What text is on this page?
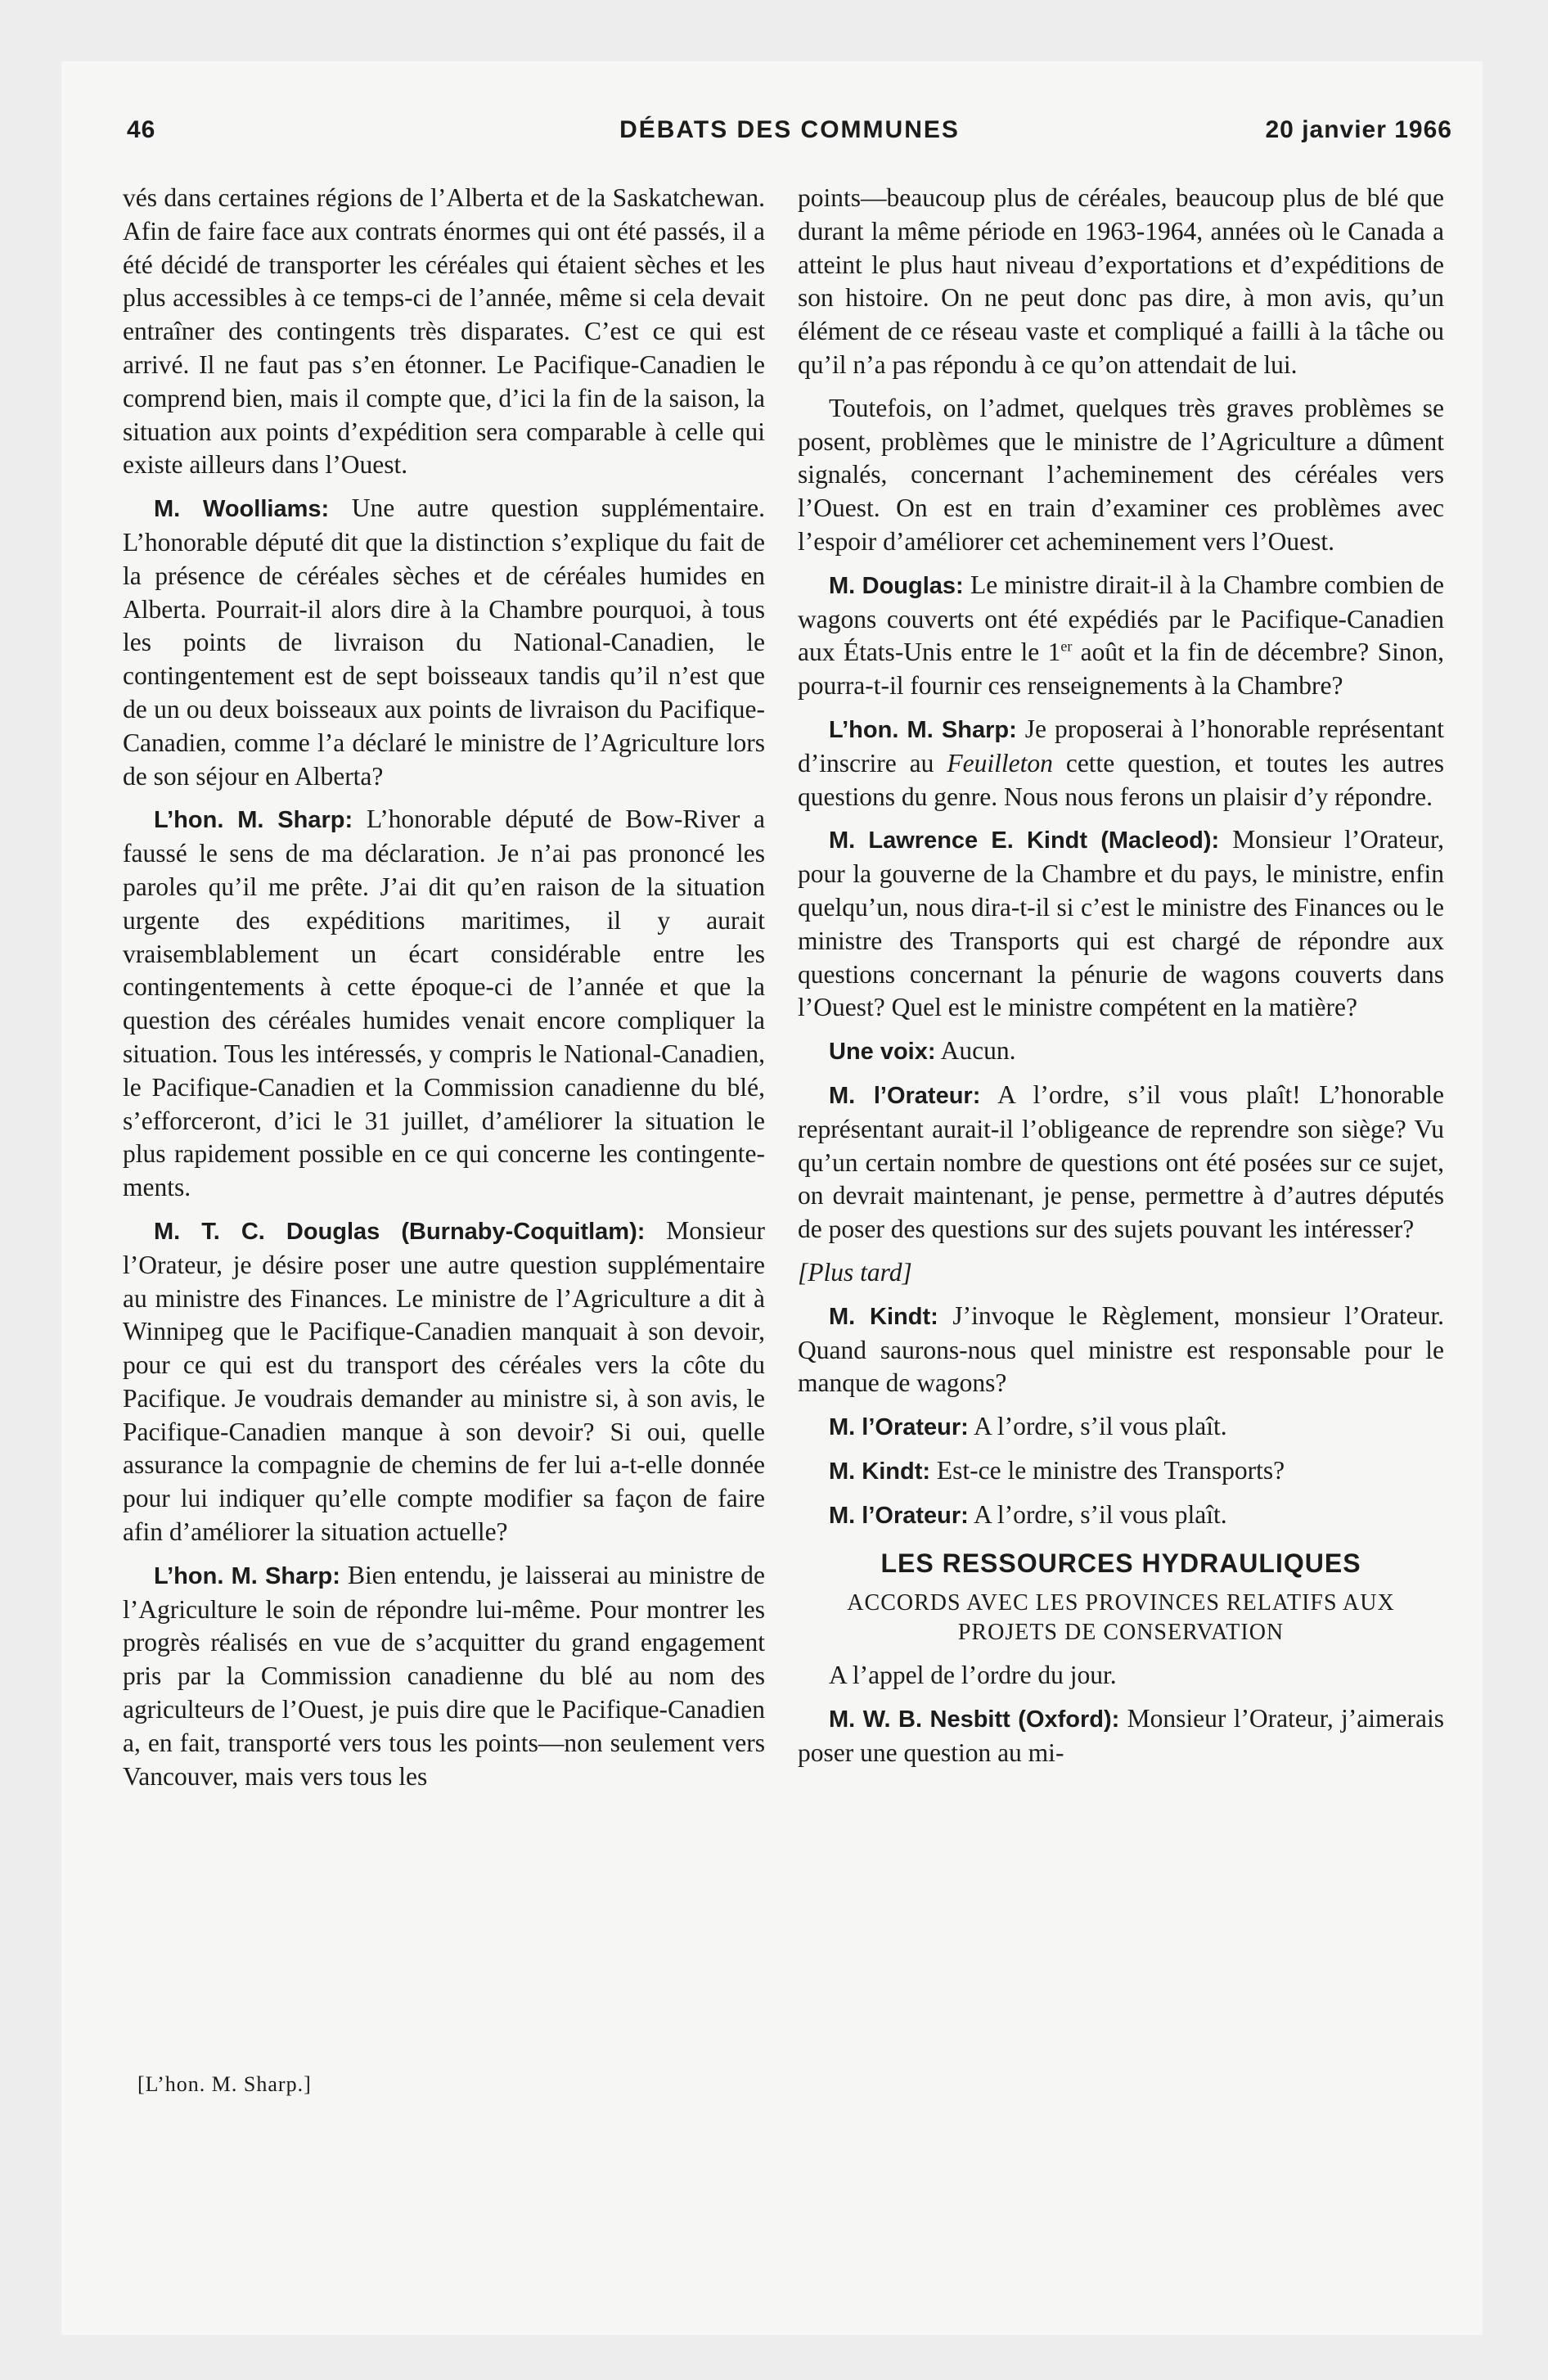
46	DÉBATS DES COMMUNES	20 janvier 1966

vés dans certaines régions de l’Alberta et de la Saskatchewan. Afin de faire face aux contrats énormes qui ont été passés, il a été décidé de transporter les céréales qui étaient sèches et les plus accessibles à ce temps-ci de l’année, même si cela devait entraîner des contingents très disparates. C’est ce qui est arrivé. Il ne faut pas s’en étonner. Le Pacifique-Canadien le comprend bien, mais il compte que, d’ici la fin de la saison, la situation aux points d’expédition sera comparable à celle qui existe ailleurs dans l’Ouest.

M. Woolliams: Une autre question supplémentaire. L’honorable député dit que la distinction s’explique du fait de la présence de céréales sèches et de céréales humides en Alberta. Pourrait-il alors dire à la Chambre pourquoi, à tous les points de livraison du National-Canadien, le contingentement est de sept boisseaux tandis qu’il n’est que de un ou deux boisseaux aux points de livraison du Pacifique-Canadien, comme l’a déclaré le ministre de l’Agriculture lors de son séjour en Alberta?

L’hon. M. Sharp: L’honorable député de Bow-River a faussé le sens de ma déclaration. Je n’ai pas prononcé les paroles qu’il me prête. J’ai dit qu’en raison de la situation urgente des expéditions maritimes, il y aurait vraisemblablement un écart considérable entre les contingentements à cette époque-ci de l’année et que la question des céréales humides venait encore compliquer la situation. Tous les intéressés, y compris le National-Canadien, le Pacifique-Canadien et la Commission canadienne du blé, s’efforceront, d’ici le 31 juillet, d’améliorer la situation le plus rapidement possible en ce qui concerne les contingentements.

M. T. C. Douglas (Burnaby-Coquitlam): Monsieur l’Orateur, je désire poser une autre question supplémentaire au ministre des Finances. Le ministre de l’Agriculture a dit à Winnipeg que le Pacifique-Canadien manquait à son devoir, pour ce qui est du transport des céréales vers la côte du Pacifique. Je voudrais demander au ministre si, à son avis, le Pacifique-Canadien manque à son devoir? Si oui, quelle assurance la compagnie de chemins de fer lui a-t-elle donnée pour lui indiquer qu’elle compte modifier sa façon de faire afin d’améliorer la situation actuelle?

L’hon. M. Sharp: Bien entendu, je laisserai au ministre de l’Agriculture le soin de répondre lui-même. Pour montrer les progrès réalisés en vue de s’acquitter du grand engagement pris par la Commission canadienne du blé au nom des agriculteurs de l’Ouest, je puis dire que le Pacifique-Canadien a, en fait, transporté vers tous les points—non seulement vers Vancouver, mais vers tous les

[L’hon. M. Sharp.]

points—beaucoup plus de céréales, beaucoup plus de blé que durant la même période en 1963-1964, années où le Canada a atteint le plus haut niveau d’exportations et d’expéditions de son histoire. On ne peut donc pas dire, à mon avis, qu’un élément de ce réseau vaste et compliqué a failli à la tâche ou qu’il n’a pas répondu à ce qu’on attendait de lui.

Toutefois, on l’admet, quelques très graves problèmes se posent, problèmes que le ministre de l’Agriculture a dûment signalés, concernant l’acheminement des céréales vers l’Ouest. On est en train d’examiner ces problèmes avec l’espoir d’améliorer cet acheminement vers l’Ouest.

M. Douglas: Le ministre dirait-il à la Chambre combien de wagons couverts ont été expédiés par le Pacifique-Canadien aux États-Unis entre le 1er août et la fin de décembre? Sinon, pourra-t-il fournir ces renseignements à la Chambre?

L’hon. M. Sharp: Je proposerai à l’honorable représentant d’inscrire au Feuilleton cette question, et toutes les autres questions du genre. Nous nous ferons un plaisir d’y répondre.

M. Lawrence E. Kindt (Macleod): Monsieur l’Orateur, pour la gouverne de la Chambre et du pays, le ministre, enfin quelqu’un, nous dira-t-il si c’est le ministre des Finances ou le ministre des Transports qui est chargé de répondre aux questions concernant la pénurie de wagons couverts dans l’Ouest? Quel est le ministre compétent en la matière?

Une voix: Aucun.

M. l’Orateur: A l’ordre, s’il vous plaît! L’honorable représentant aurait-il l’obligeance de reprendre son siège? Vu qu’un certain nombre de questions ont été posées sur ce sujet, on devrait maintenant, je pense, permettre à d’autres députés de poser des questions sur des sujets pouvant les intéresser?

[Plus tard]

M. Kindt: J’invoque le Règlement, monsieur l’Orateur. Quand saurons-nous quel ministre est responsable pour le manque de wagons?

M. l’Orateur: A l’ordre, s’il vous plaît.

M. Kindt: Est-ce le ministre des Transports?

M. l’Orateur: A l’ordre, s’il vous plaît.

LES RESSOURCES HYDRAULIQUES
ACCORDS AVEC LES PROVINCES RELATIFS AUX PROJETS DE CONSERVATION

A l’appel de l’ordre du jour.

M. W. B. Nesbitt (Oxford): Monsieur l’Orateur, j’aimerais poser une question au mi-
